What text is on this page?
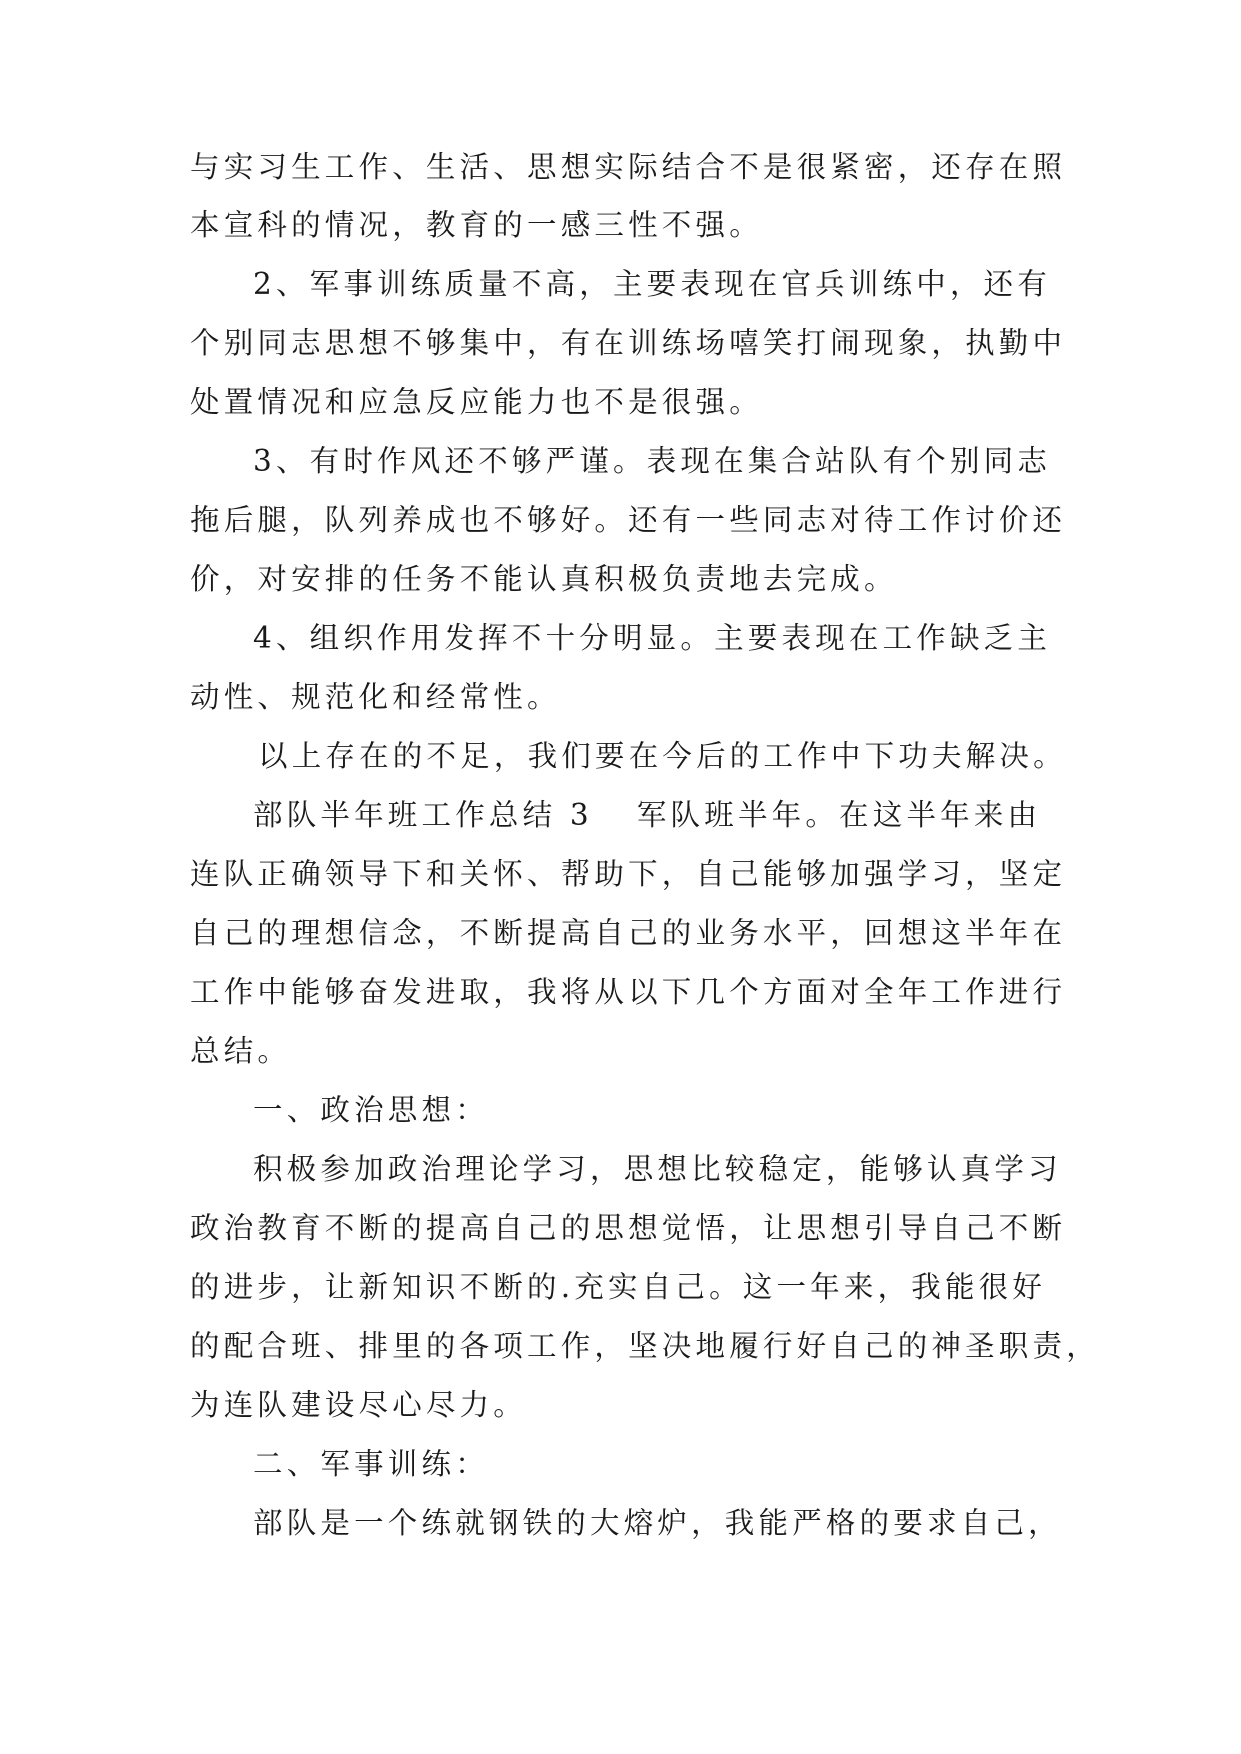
与实习生工作、生活、思想实际结合不是很紧密，还存在照
本宣科的情况，教育的一感三性不强。
2、军事训练质量不高，主要表现在官兵训练中，还有
个别同志思想不够集中，有在训练场嘻笑打闹现象，执勤中
处置情况和应急反应能力也不是很强。
3、有时作风还不够严谨。表现在集合站队有个别同志
拖后腿，队列养成也不够好。还有一些同志对待工作讨价还
价，对安排的任务不能认真积极负责地去完成。
4、组织作用发挥不十分明显。主要表现在工作缺乏主
动性、规范化和经常性。
以上存在的不足，我们要在今后的工作中下功夫解决。
部队半年班工作总结 3 军队班半年。在这半年来由
连队正确领导下和关怀、帮助下，自己能够加强学习，坚定
自己的理想信念，不断提高自己的业务水平，回想这半年在
工作中能够奋发进取，我将从以下几个方面对全年工作进行
总结。
一、政治思想：
积极参加政治理论学习，思想比较稳定，能够认真学习
政治教育不断的提高自己的思想觉悟，让思想引导自己不断
的进步，让新知识不断的.充实自己。这一年来，我能很好
的配合班、排里的各项工作，坚决地履行好自己的神圣职责，
为连队建设尽心尽力。
二、军事训练：
部队是一个练就钢铁的大熔炉，我能严格的要求自己，
